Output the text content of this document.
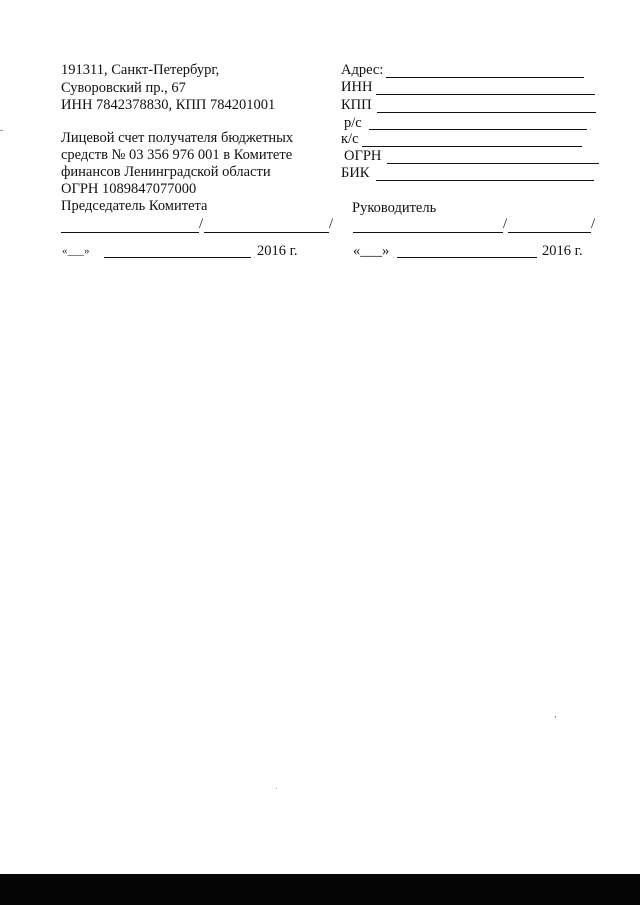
191311, Санкт-Петербург,
Суворовский пр., 67
ИНН 7842378830, КПП 784201001
Лицевой счет получателя бюджетных
средств № 03 356 976 001 в Комитете
финансов Ленинградской области
ОГРН 1089847077000
Председатель Комитета
/	/
«___»	2016 г.
Адрес:
ИНН
КПП
р/с
к/с
ОГРН
БИК
Руководитель
/	/
«___»	2016 г.
